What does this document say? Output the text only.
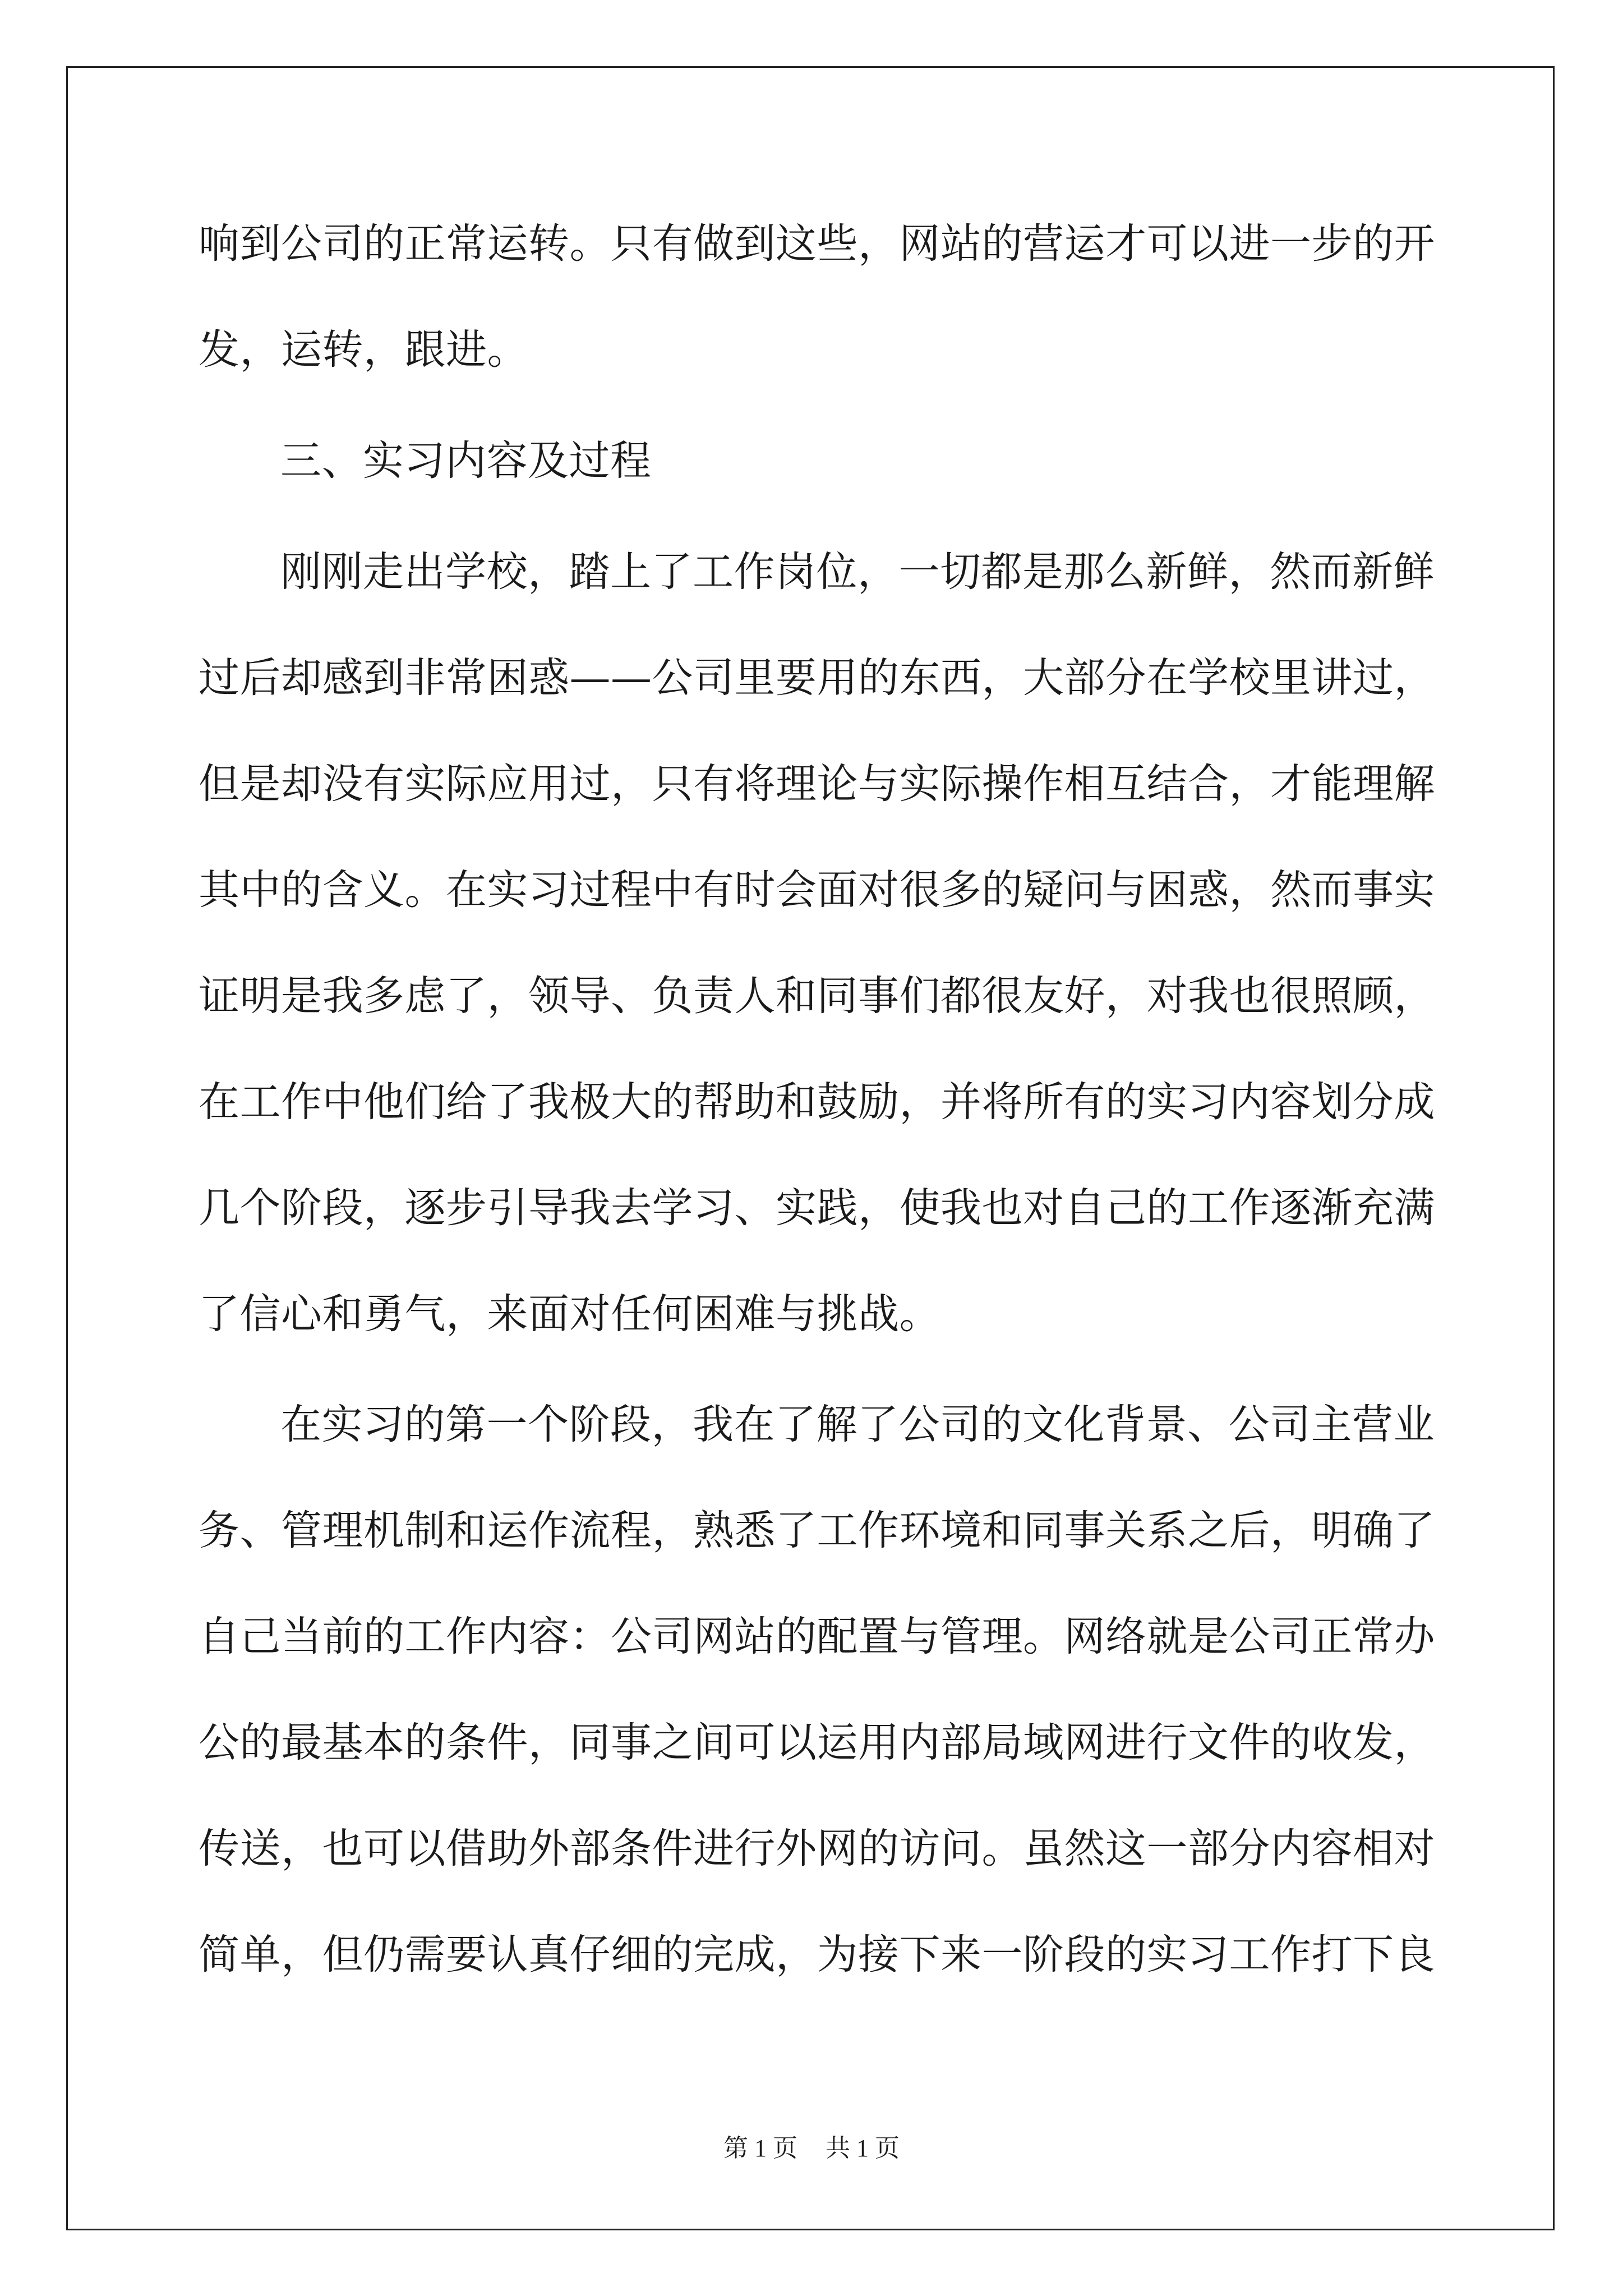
响到公司的正常运转。只有做到这些，网站的营运才可以进一步的开
发，运转，跟进。
三、实习内容及过程
刚刚走出学校，踏上了工作岗位，一切都是那么新鲜，然而新鲜
过后却感到非常困惑——公司里要用的东西，大部分在学校里讲过，
但是却没有实际应用过，只有将理论与实际操作相互结合，才能理解
其中的含义。在实习过程中有时会面对很多的疑问与困惑，然而事实
证明是我多虑了，领导、负责人和同事们都很友好，对我也很照顾，
在工作中他们给了我极大的帮助和鼓励，并将所有的实习内容划分成
几个阶段，逐步引导我去学习、实践，使我也对自己的工作逐渐充满
了信心和勇气，来面对任何困难与挑战。
在实习的第一个阶段，我在了解了公司的文化背景、公司主营业
务、管理机制和运作流程，熟悉了工作环境和同事关系之后，明确了
自己当前的工作内容：公司网站的配置与管理。网络就是公司正常办
公的最基本的条件，同事之间可以运用内部局域网进行文件的收发，
传送，也可以借助外部条件进行外网的访问。虽然这一部分内容相对
简单，但仍需要认真仔细的完成，为接下来一阶段的实习工作打下良
第 1 页 共 1 页
